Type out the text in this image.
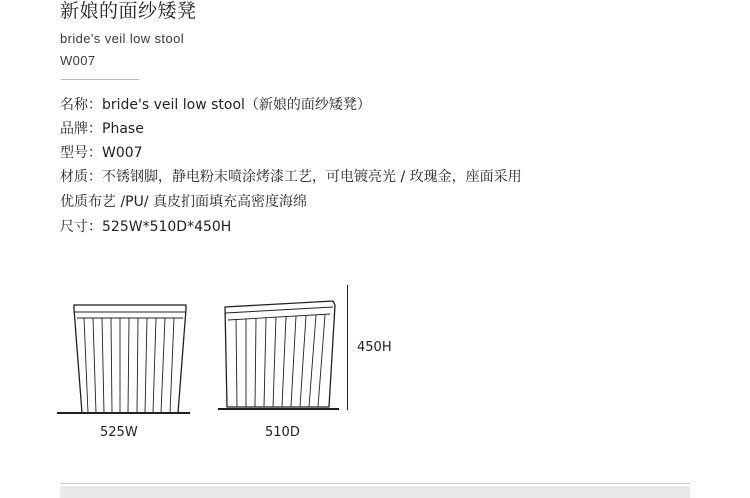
新娘的面纱矮凳
bride's veil low stool
W007
名称：bride's veil low stool（新娘的面纱矮凳）
品牌：Phase
型号：W007
材质：不锈钢脚，静电粉末喷涂烤漆工艺，可电镀亮光 / 玫瑰金，座面采用优质布艺 /PU/ 真皮扪面填充高密度海绵
尺寸：525W*510D*450H
525W	510D
450H
